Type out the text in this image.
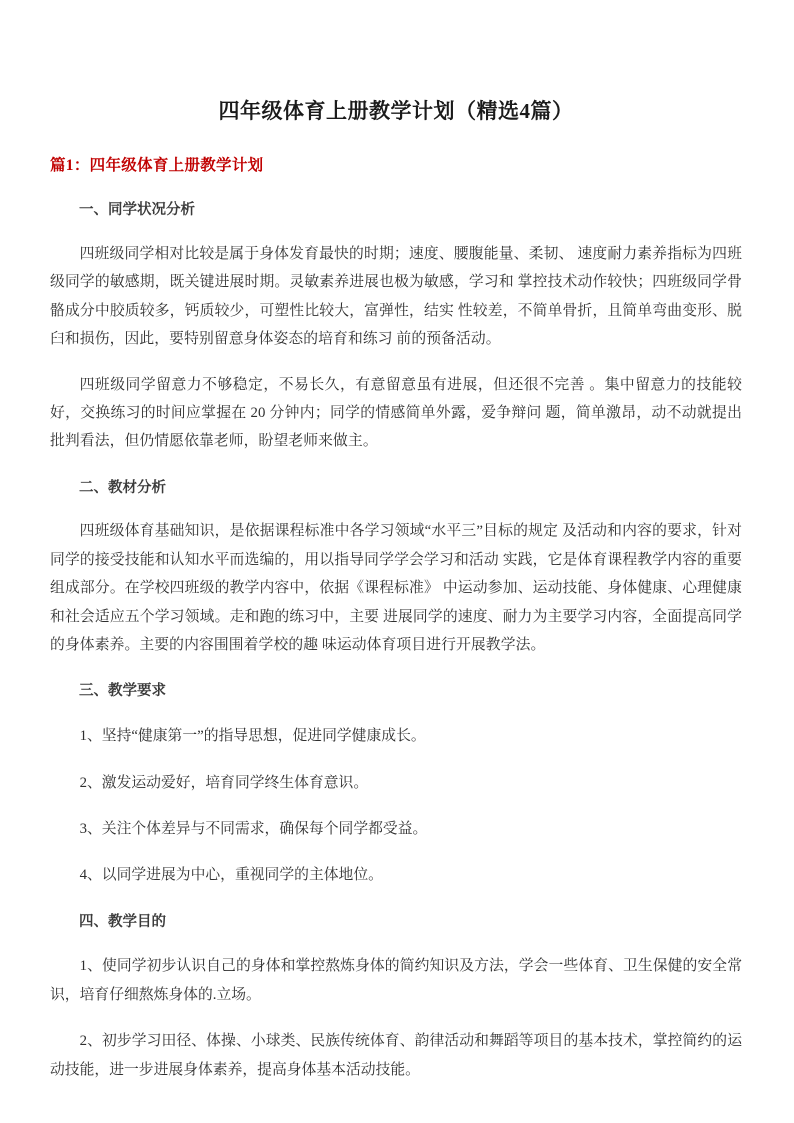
四年级体育上册教学计划（精选4篇）
篇1：四年级体育上册教学计划
一、同学状况分析

四班级同学相对比较是属于身体发育最快的时期；速度、腰腹能量、柔韧、 速度耐力素养指标为四班级同学的敏感期，既关键进展时期。灵敏素养进展也极为敏感，学习和 掌控技术动作较快；四班级同学骨骼成分中胶质较多，钙质较少，可塑性比较大，富弹性，结实 性较差，不简单骨折，且简单弯曲变形、脱臼和损伤，因此，要特别留意身体姿态的培育和练习 前的预备活动。

四班级同学留意力不够稳定，不易长久，有意留意虽有进展，但还很不完善 。集中留意力的技能较好，交换练习的时间应掌握在 20 分钟内；同学的情感简单外露，爱争辩问 题，简单激昂，动不动就提出批判看法，但仍情愿依靠老师，盼望老师来做主。

二、教材分析

四班级体育基础知识，是依据课程标准中各学习领域“水平三”目标的规定 及活动和内容的要求，针对同学的接受技能和认知水平而选编的，用以指导同学学会学习和活动 实践，它是体育课程教学内容的重要组成部分。在学校四班级的教学内容中，依据《课程标准》 中运动参加、运动技能、身体健康、心理健康和社会适应五个学习领域。走和跑的练习中，主要 进展同学的速度、耐力为主要学习内容，全面提高同学的身体素养。主要的内容围围着学校的趣 味运动体育项目进行开展教学法。

三、教学要求

1、坚持“健康第一”的指导思想，促进同学健康成长。

2、激发运动爱好，培育同学终生体育意识。

3、关注个体差异与不同需求，确保每个同学都受益。

4、以同学进展为中心，重视同学的主体地位。

四、教学目的

1、使同学初步认识自己的身体和掌控熬炼身体的简约知识及方法，学会一些体育、卫生保健的安全常识，培育仔细熬炼身体的.立场。

2、初步学习田径、体操、小球类、民族传统体育、韵律活动和舞蹈等项目的基本技术，掌控简约的运动技能，进一步进展身体素养，提高身体基本活动技能。
